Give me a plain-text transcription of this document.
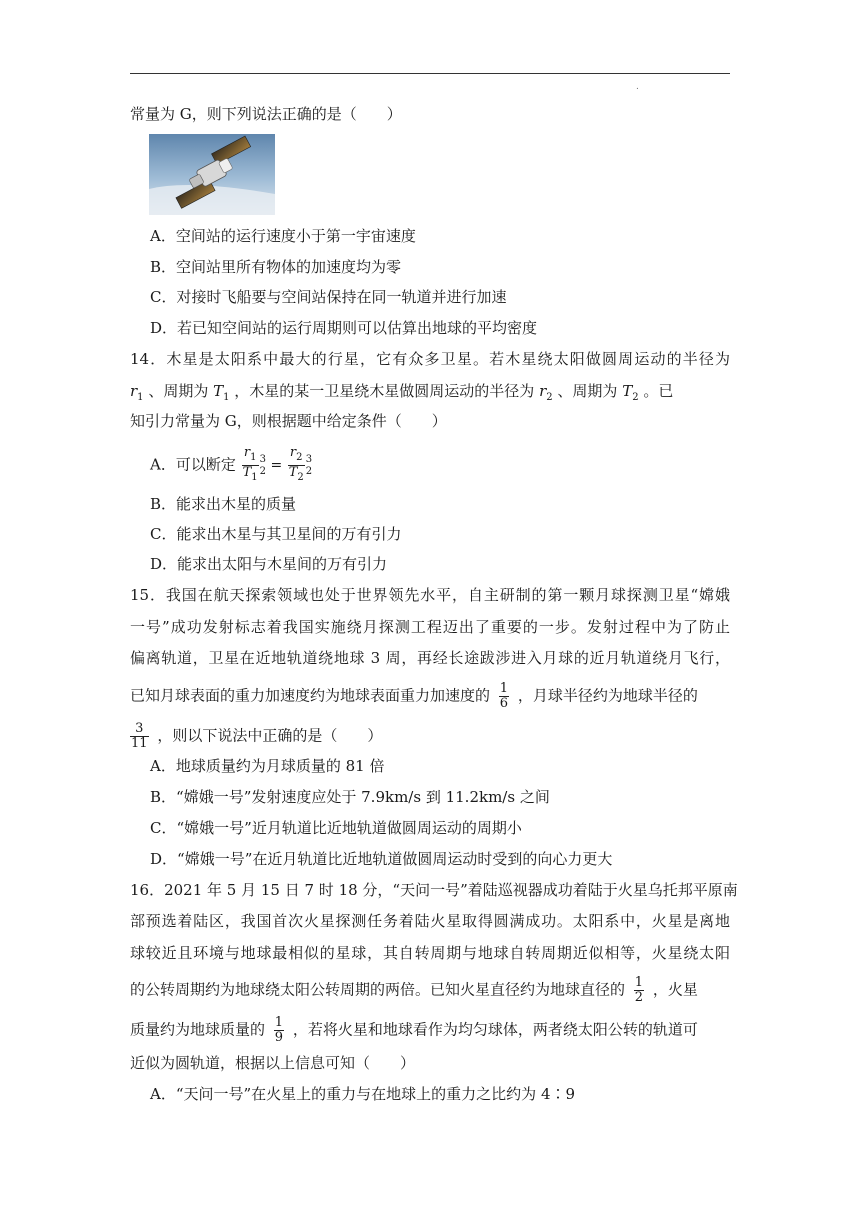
.
常量为 G，则下列说法正确的是（　　）
A．空间站的运行速度小于第一宇宙速度
B．空间站里所有物体的加速度均为零
C．对接时飞船要与空间站保持在同一轨道并进行加速
D．若已知空间站的运行周期则可以估算出地球的平均密度
14．木星是太阳系中最大的行星，它有众多卫星。若木星绕太阳做圆周运动的半径为
$r_1$ 、周期为 $T_1$ ，木星的某一卫星绕木星做圆周运动的半径为 $r_2$ 、周期为 $T_2$ 。已
知引力常量为 G，则根据题中给定条件（　　）
A．可以断定 $\frac{r_1}{T_1} 3$
$2 = \frac{r_2}{T_2} 3$
2
B．能求出木星的质量
C．能求出木星与其卫星间的万有引力
D．能求出太阳与木星间的万有引力
15．我国在航天探索领域也处于世界领先水平，自主研制的第一颗月球探测卫星“嫦娥
一号”成功发射标志着我国实施绕月探测工程迈出了重要的一步。发射过程中为了防止
偏离轨道，卫星在近地轨道绕地球 3 周，再经长途跋涉进入月球的近月轨道绕月飞行，
已知月球表面的重力加速度约为地球表面重力加速度的 $\frac{1}{6}$ ，月球半径约为地球半径的
$\frac{3}{11}$ ，则以下说法中正确的是（　　）
A．地球质量约为月球质量的 81 倍
B．“嫦娥一号”发射速度应处于 7.9km/s 到 11.2km/s 之间
C．“嫦娥一号”近月轨道比近地轨道做圆周运动的周期小
D．“嫦娥一号”在近月轨道比近地轨道做圆周运动时受到的向心力更大
16．2021 年 5 月 15 日 7 时 18 分，“天问一号”着陆巡视器成功着陆于火星乌托邦平原南
部预选着陆区，我国首次火星探测任务着陆火星取得圆满成功。太阳系中，火星是离地
球较近且环境与地球最相似的星球，其自转周期与地球自转周期近似相等，火星绕太阳
的公转周期约为地球绕太阳公转周期的两倍。已知火星直径约为地球直径的 $\frac{1}{2}$ ，火星
质量约为地球质量的 $\frac{1}{9}$ ，若将火星和地球看作为均匀球体，两者绕太阳公转的轨道可
近似为圆轨道，根据以上信息可知（　　）
A．“天问一号”在火星上的重力与在地球上的重力之比约为 4∶9
